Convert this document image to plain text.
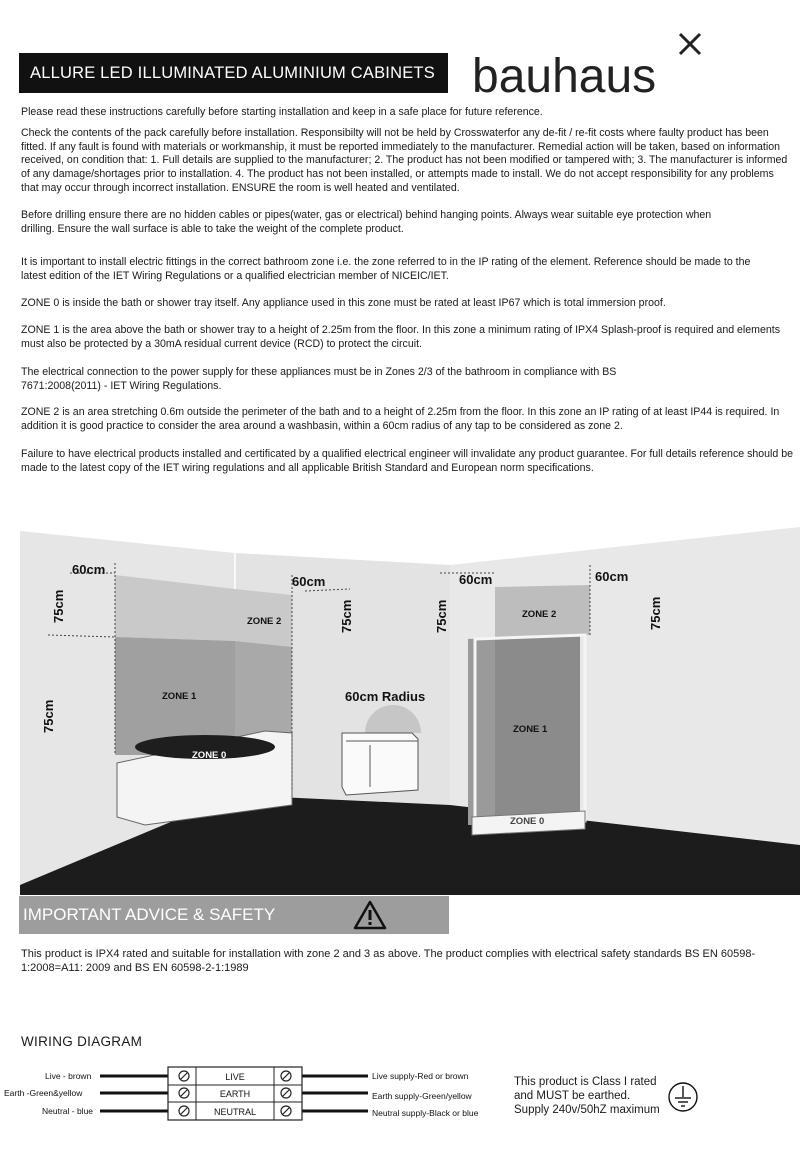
ALLURE LED ILLUMINATED ALUMINIUM CABINETS bauhaus
Please read these instructions carefully before starting installation and keep in a safe place for future reference.
Check the contents of the pack carefully before installation. Responsibilty will not be held by Crosswaterfor any de-fit / re-fit costs where faulty product has been fitted. If any fault is found with materials or workmanship, it must be reported immediately to the manufacturer. Remedial action will be taken, based on information received, on condition that: 1. Full details are supplied to the manufacturer; 2. The product has not been modified or tampered with; 3. The manufacturer is informed of any damage/shortages prior to installation. 4. The product has not been installed, or attempts made to install. We do not accept responsibility for any problems that may occur through incorrect installation. ENSURE the room is well heated and ventilated.
Before drilling ensure there are no hidden cables or pipes(water, gas or electrical) behind hanging points. Always wear suitable eye protection when drilling. Ensure the wall surface is able to take the weight of the complete product.
It is important to install electric fittings in the correct bathroom zone i.e. the zone referred to in the IP rating of the element. Reference should be made to the latest edition of the IET Wiring Regulations or a qualified electrician member of NICEIC/IET.
ZONE 0 is inside the bath or shower tray itself. Any appliance used in this zone must be rated at least IP67 which is total immersion proof.
ZONE 1 is the area above the bath or shower tray to a height of 2.25m from the floor. In this zone a minimum rating of IPX4 Splash-proof is required and elements must also be protected by a 30mA residual current device (RCD) to protect the circuit.
The electrical connection to the power supply for these appliances must be in Zones 2/3 of the bathroom in compliance with BS 7671:2008(2011) - IET Wiring Regulations.
ZONE 2 is an area stretching 0.6m outside the perimeter of the bath and to a height of 2.25m from the floor. In this zone an IP rating of at least IP44 is required. In addition it is good practice to consider the area around a washbasin, within a 60cm radius of any tap to be considered as zone 2.
Failure to have electrical products installed and certificated by a qualified electrical engineer will invalidate any product guarantee. For full details reference should be made to the latest copy of the IET wiring regulations and all applicable British Standard and European norm specifications.
60cm
60cm	60cm	60cm
75cm
75cm
75cm	75cm	75cm
ZONE 2
ZONE 2
ZONE 1
ZONE 1
60cm Radius
ZONE 0
ZONE 0
IMPORTANT ADVICE & SAFETY
This product is IPX4 rated and suitable for installation with zone 2 and 3 as above. The product complies with electrical safety standards BS EN 60598-1:2008=A11: 2009 and BS EN 60598-2-1:1989
WIRING DIAGRAM
Live - brown
Earth -Green&yellow
Neutral - blue
Live supply-Red or brown
Earth supply-Green/yellow
Neutral supply-Black or blue
LIVE
EARTH
NEUTRAL
This product is Class I rated
and MUST be earthed.
Supply 240v/50hZ maximum
